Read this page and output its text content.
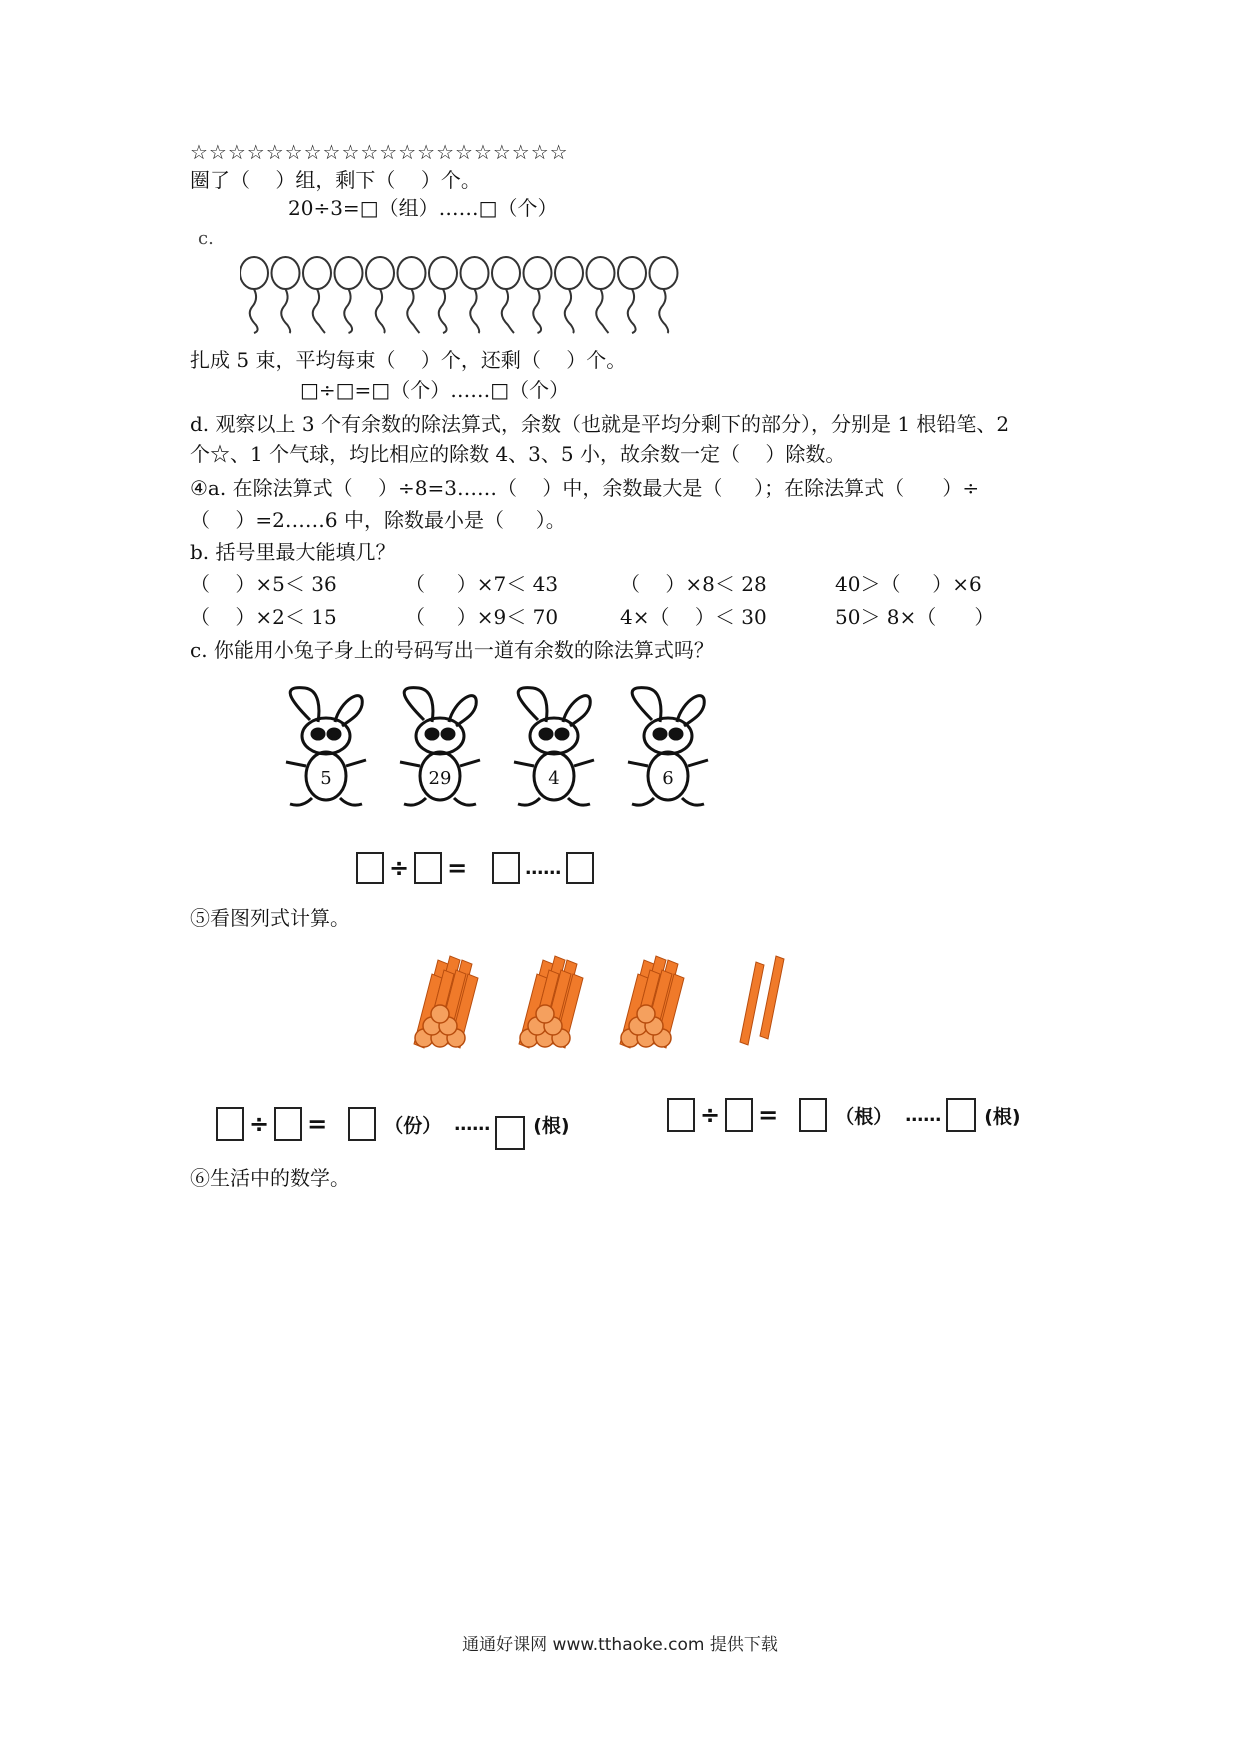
☆☆☆☆☆☆☆☆☆☆☆☆☆☆☆☆☆☆☆☆
圈了（    ）组，剩下（    ）个。
20÷3=□（组）……□（个）
c.
扎成 5 束，平均每束（    ）个，还剩（    ）个。
□÷□=□（个）……□（个）
d. 观察以上 3 个有余数的除法算式，余数（也就是平均分剩下的部分），分别是 1 根铅笔、2
个☆、1 个气球，均比相应的除数 4、3、5 小，故余数一定（    ）除数。
④a. 在除法算式（    ）÷8=3……（    ）中，余数最大是（     ）；在除法算式（      ）÷
（    ）=2……6 中，除数最小是（     ）。
b. 括号里最大能填几？
（    ）×5＜ 36	（     ）×7＜ 43	（    ）×8＜ 28	40＞（     ）×6
（    ）×2＜ 15	（     ）×9＜ 70	4×（    ）＜ 30	50＞ 8×（      ）
c. 你能用小兔子身上的号码写出一道有余数的除法算式吗？
5	29	4	6
÷ =	……
⑤看图列式计算。
÷ =	（份） …… (根)	÷ =	（根） …… (根)
⑥生活中的数学。
通通好课网 www.tthaoke.com 提供下载
